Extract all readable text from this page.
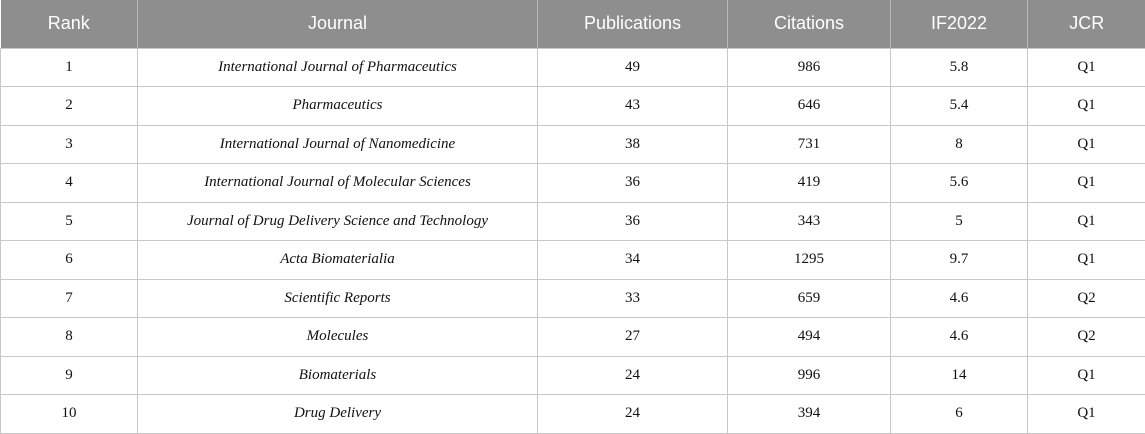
Rank	Journal	Publications	Citations	IF2022	JCR
1	International Journal of Pharmaceutics	49	986	5.8	Q1
2	Pharmaceutics	43	646	5.4	Q1
3	International Journal of Nanomedicine	38	731	8	Q1
4	International Journal of Molecular Sciences	36	419	5.6	Q1
5	Journal of Drug Delivery Science and Technology	36	343	5	Q1
6	Acta Biomaterialia	34	1295	9.7	Q1
7	Scientific Reports	33	659	4.6	Q2
8	Molecules	27	494	4.6	Q2
9	Biomaterials	24	996	14	Q1
10	Drug Delivery	24	394	6	Q1
